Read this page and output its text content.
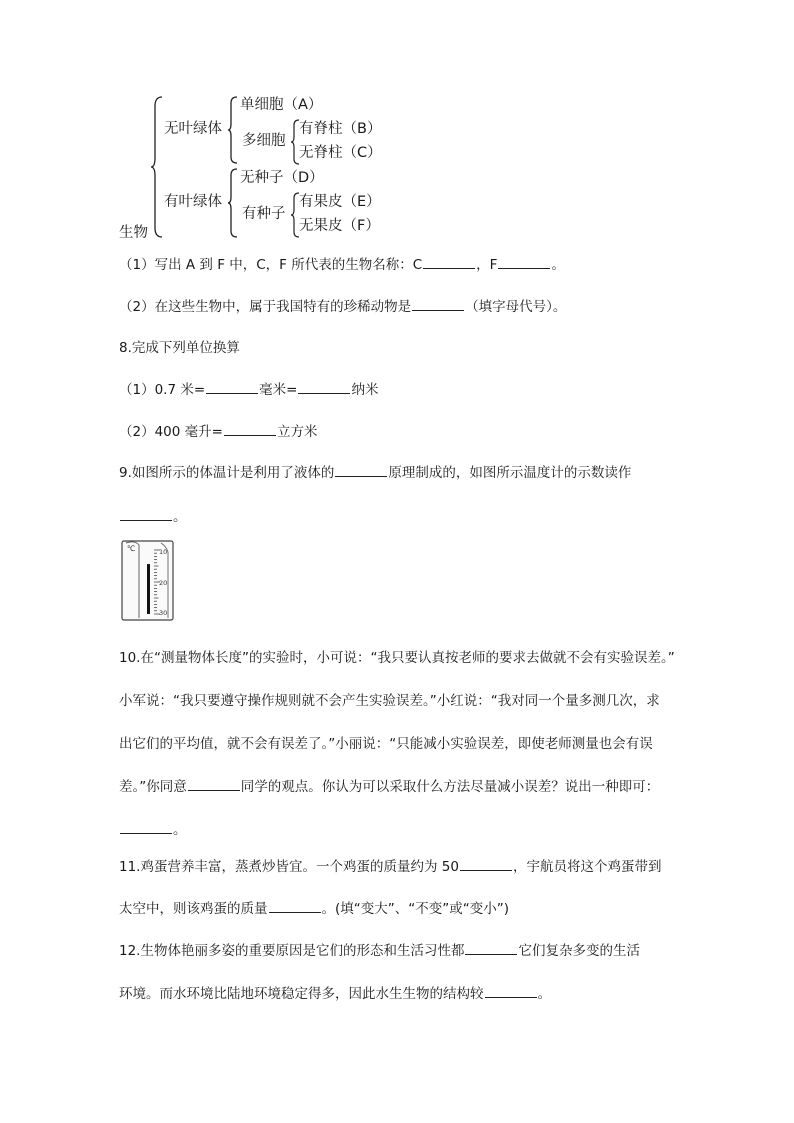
生物
无叶绿体
单细胞（A）
多细胞
有脊柱（B）
无脊柱（C）
有叶绿体
无种子（D）
有种子
有果皮（E）
无果皮（F）
（1）写出 A 到 F 中，C，F 所代表的生物名称：C	，F	。
（2）在这些生物中，属于我国特有的珍稀动物是	（填字母代号）。
8.完成下列单位换算
（1）0.7 米=	毫米=	纳米
（2）400 毫升=	立方米
9.如图所示的体温计是利用了液体的	原理制成的，如图所示温度计的示数读作
。
℃	10
20
30
10.在“测量物体长度”的实验时，小可说：“我只要认真按老师的要求去做就不会有实验误差。”
小军说：“我只要遵守操作规则就不会产生实验误差。”小红说：“我对同一个量多测几次，求
出它们的平均值，就不会有误差了。”小丽说：“只能减小实验误差，即使老师测量也会有误
差。”你同意	同学的观点。你认为可以采取什么方法尽量减小误差？说出一种即可：
。
11.鸡蛋营养丰富，蒸煮炒皆宜。一个鸡蛋的质量约为 50	，宇航员将这个鸡蛋带到
太空中，则该鸡蛋的质量	。(填“变大”、“不变”或“变小”)
12.生物体艳丽多姿的重要原因是它们的形态和生活习性都	它们复杂多变的生活
环境。而水环境比陆地环境稳定得多，因此水生生物的结构较	。
